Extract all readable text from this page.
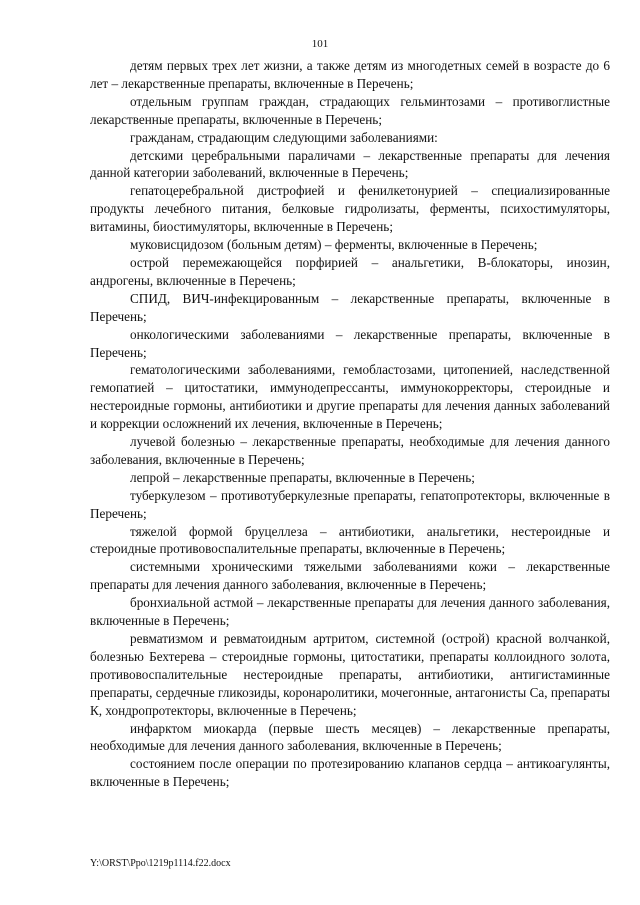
101

детям первых трех лет жизни, а также детям из многодетных семей в возрасте до 6 лет – лекарственные препараты, включенные в Перечень;

отдельным группам граждан, страдающих гельминтозами – противоглистные лекарственные препараты, включенные в Перечень;

гражданам, страдающим следующими заболеваниями:

детскими церебральными параличами – лекарственные препараты для лечения данной категории заболеваний, включенные в Перечень;

гепатоцеребральной дистрофией и фенилкетонурией – специализированные продукты лечебного питания, белковые гидролизаты, ферменты, психостимуляторы, витамины, биостимуляторы, включенные в Перечень;

муковисцидозом (больным детям) – ферменты, включенные в Перечень;

острой перемежающейся порфирией – анальгетики, В-блокаторы, инозин, андрогены, включенные в Перечень;

СПИД, ВИЧ-инфекцированным – лекарственные препараты, включенные в Перечень;

онкологическими заболеваниями – лекарственные препараты, включенные в Перечень;

гематологическими заболеваниями, гемобластозами, цитопенией, наследственной гемопатией – цитостатики, иммунодепрессанты, иммунокорректоры, стероидные и нестероидные гормоны, антибиотики и другие препараты для лечения данных заболеваний и коррекции осложнений их лечения, включенные в Перечень;

лучевой болезнью – лекарственные препараты, необходимые для лечения данного заболевания, включенные в Перечень;

лепрой – лекарственные препараты, включенные в Перечень;

туберкулезом – противотуберкулезные препараты, гепатопротекторы, включенные в Перечень;

тяжелой формой бруцеллеза – антибиотики, анальгетики, нестероидные и стероидные противовоспалительные препараты, включенные в Перечень;

системными хроническими тяжелыми заболеваниями кожи – лекарственные препараты для лечения данного заболевания, включенные в Перечень;

бронхиальной астмой – лекарственные препараты для лечения данного заболевания, включенные в Перечень;

ревматизмом и ревматоидным артритом, системной (острой) красной волчанкой, болезнью Бехтерева – стероидные гормоны, цитостатики, препараты коллоидного золота, противовоспалительные нестероидные препараты, антибиотики, антигистаминные препараты, сердечные гликозиды, коронаролитики, мочегонные, антагонисты Са, препараты К, хондропротекторы, включенные в Перечень;

инфарктом миокарда (первые шесть месяцев) – лекарственные препараты, необходимые для лечения данного заболевания, включенные в Перечень;

состоянием после операции по протезированию клапанов сердца – антикоагулянты, включенные в Перечень;

Y:\ORST\Ppo\1219p1114.f22.docx
